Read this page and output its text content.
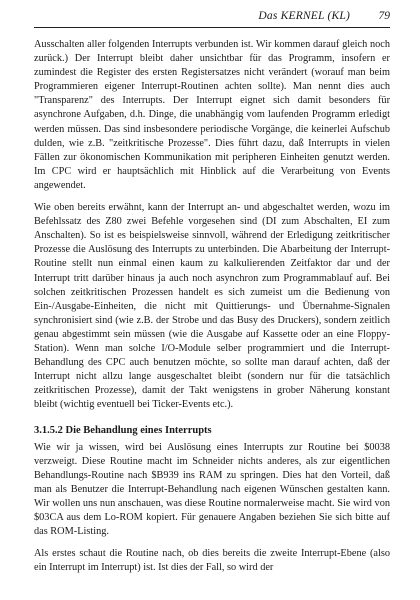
Das KERNEL (KL) 79

Ausschalten aller folgenden Interrupts verbunden ist. Wir kommen darauf gleich noch zurück.) Der Interrupt bleibt daher unsichtbar für das Programm, insofern er zumindest die Register des ersten Registersatzes nicht verändert (worauf man beim Programmieren eigener Interrupt-Routinen achten sollte). Man nennt dies auch "Transparenz" des Interrupts. Der Interrupt eignet sich damit besonders für asynchrone Aufgaben, d.h. Dinge, die unabhängig vom laufenden Programm erledigt werden müssen. Das sind insbesondere periodische Vorgänge, die keinerlei Aufschub dulden, wie z.B. "zeitkritische Prozesse". Dies führt dazu, daß Interrupts in vielen Fällen zur ökonomischen Kommunikation mit peripheren Einheiten genutzt werden. Im CPC wird er hauptsächlich mit Hinblick auf die Verarbeitung von Events angewendet.

Wie oben bereits erwähnt, kann der Interrupt an- und abgeschaltet werden, wozu im Befehlssatz des Z80 zwei Befehle vorgesehen sind (DI zum Abschalten, EI zum Anschalten). So ist es beispielsweise sinnvoll, während der Erledigung zeitkritischer Prozesse die Auslösung des Interrupts zu unterbinden. Die Abarbeitung der Interrupt-Routine stellt nun einmal einen kaum zu kalkulierenden Zeitfaktor dar und der Interrupt tritt darüber hinaus ja auch noch asynchron zum Programmablauf auf. Bei solchen zeitkritischen Prozessen handelt es sich zumeist um die Bedienung von Ein-/Ausgabe-Einheiten, die nicht mit Quittierungs- und Übernahme-Signalen synchronisiert sind (wie z.B. der Strobe und das Busy des Druckers), sondern zeitlich genau abgestimmt sein müssen (wie die Ausgabe auf Kassette oder an eine Floppy-Station). Wenn man solche I/O-Module selber programmiert und die Interrupt-Behandlung des CPC auch benutzen möchte, so sollte man darauf achten, daß der Interrupt nicht allzu lange ausgeschaltet bleibt (sondern nur für die tatsächlich zeitkritischen Prozesse), damit der Takt wenigstens in grober Näherung konstant bleibt (wichtig eventuell bei Ticker-Events etc.).

3.1.5.2 Die Behandlung eines Interrupts

Wie wir ja wissen, wird bei Auslösung eines Interrupts zur Routine bei $0038 verzweigt. Diese Routine macht im Schneider nichts anderes, als zur eigentlichen Behandlungs-Routine nach $B939 ins RAM zu springen. Dies hat den Vorteil, daß man als Benutzer die Interrupt-Behandlung nach eigenen Wünschen gestalten kann. Wir wollen uns nun anschauen, was diese Routine normalerweise macht. Sie wird von $03CA aus dem Lo-ROM kopiert. Für genauere Angaben beziehen Sie sich bitte auf das ROM-Listing.

Als erstes schaut die Routine nach, ob dies bereits die zweite Interrupt-Ebene (also ein Interrupt im Interrupt) ist. Ist dies der Fall, so wird der
